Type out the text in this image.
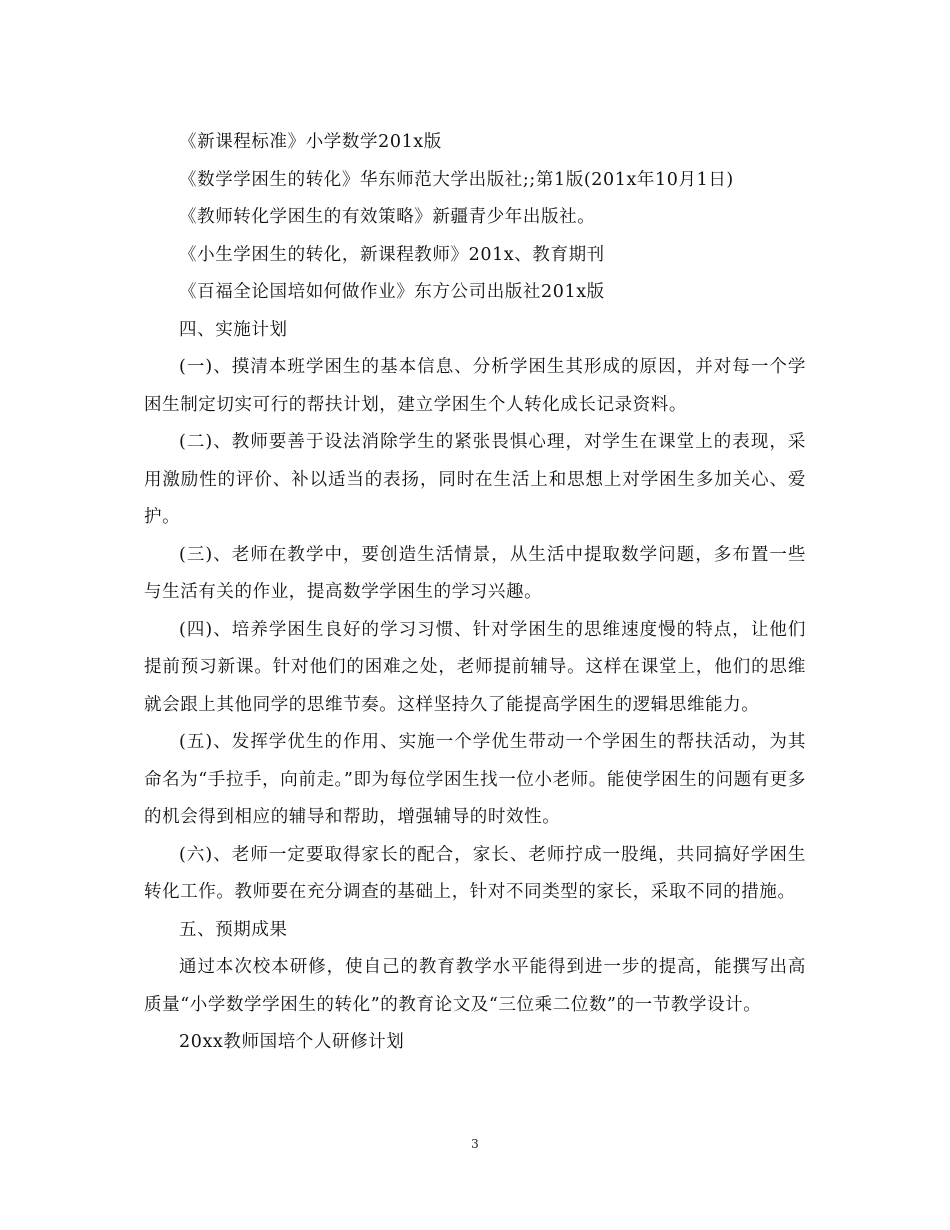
《新课程标准》小学数学201x版

《数学学困生的转化》华东师范大学出版社;;第1版(201x年10月1日)

《教师转化学困生的有效策略》新疆青少年出版社。

《小生学困生的转化，新课程教师》201x、教育期刊

《百福全论国培如何做作业》东方公司出版社201x版

四、实施计划

(一)、摸清本班学困生的基本信息、分析学困生其形成的原因，并对每一个学困生制定切实可行的帮扶计划，建立学困生个人转化成长记录资料。

(二)、教师要善于设法消除学生的紧张畏惧心理，对学生在课堂上的表现，采用激励性的评价、补以适当的表扬，同时在生活上和思想上对学困生多加关心、爱护。

(三)、老师在教学中，要创造生活情景，从生活中提取数学问题，多布置一些与生活有关的作业，提高数学学困生的学习兴趣。

(四)、培养学困生良好的学习习惯、针对学困生的思维速度慢的特点，让他们提前预习新课。针对他们的困难之处，老师提前辅导。这样在课堂上，他们的思维就会跟上其他同学的思维节奏。这样坚持久了能提高学困生的逻辑思维能力。

(五)、发挥学优生的作用、实施一个学优生带动一个学困生的帮扶活动，为其命名为“手拉手，向前走。”即为每位学困生找一位小老师。能使学困生的问题有更多的机会得到相应的辅导和帮助，增强辅导的时效性。

(六)、老师一定要取得家长的配合，家长、老师拧成一股绳，共同搞好学困生转化工作。教师要在充分调查的基础上，针对不同类型的家长，采取不同的措施。

五、预期成果

通过本次校本研修，使自己的教育教学水平能得到进一步的提高，能撰写出高质量“小学数学学困生的转化”的教育论文及“三位乘二位数”的一节教学设计。

20xx教师国培个人研修计划

3
